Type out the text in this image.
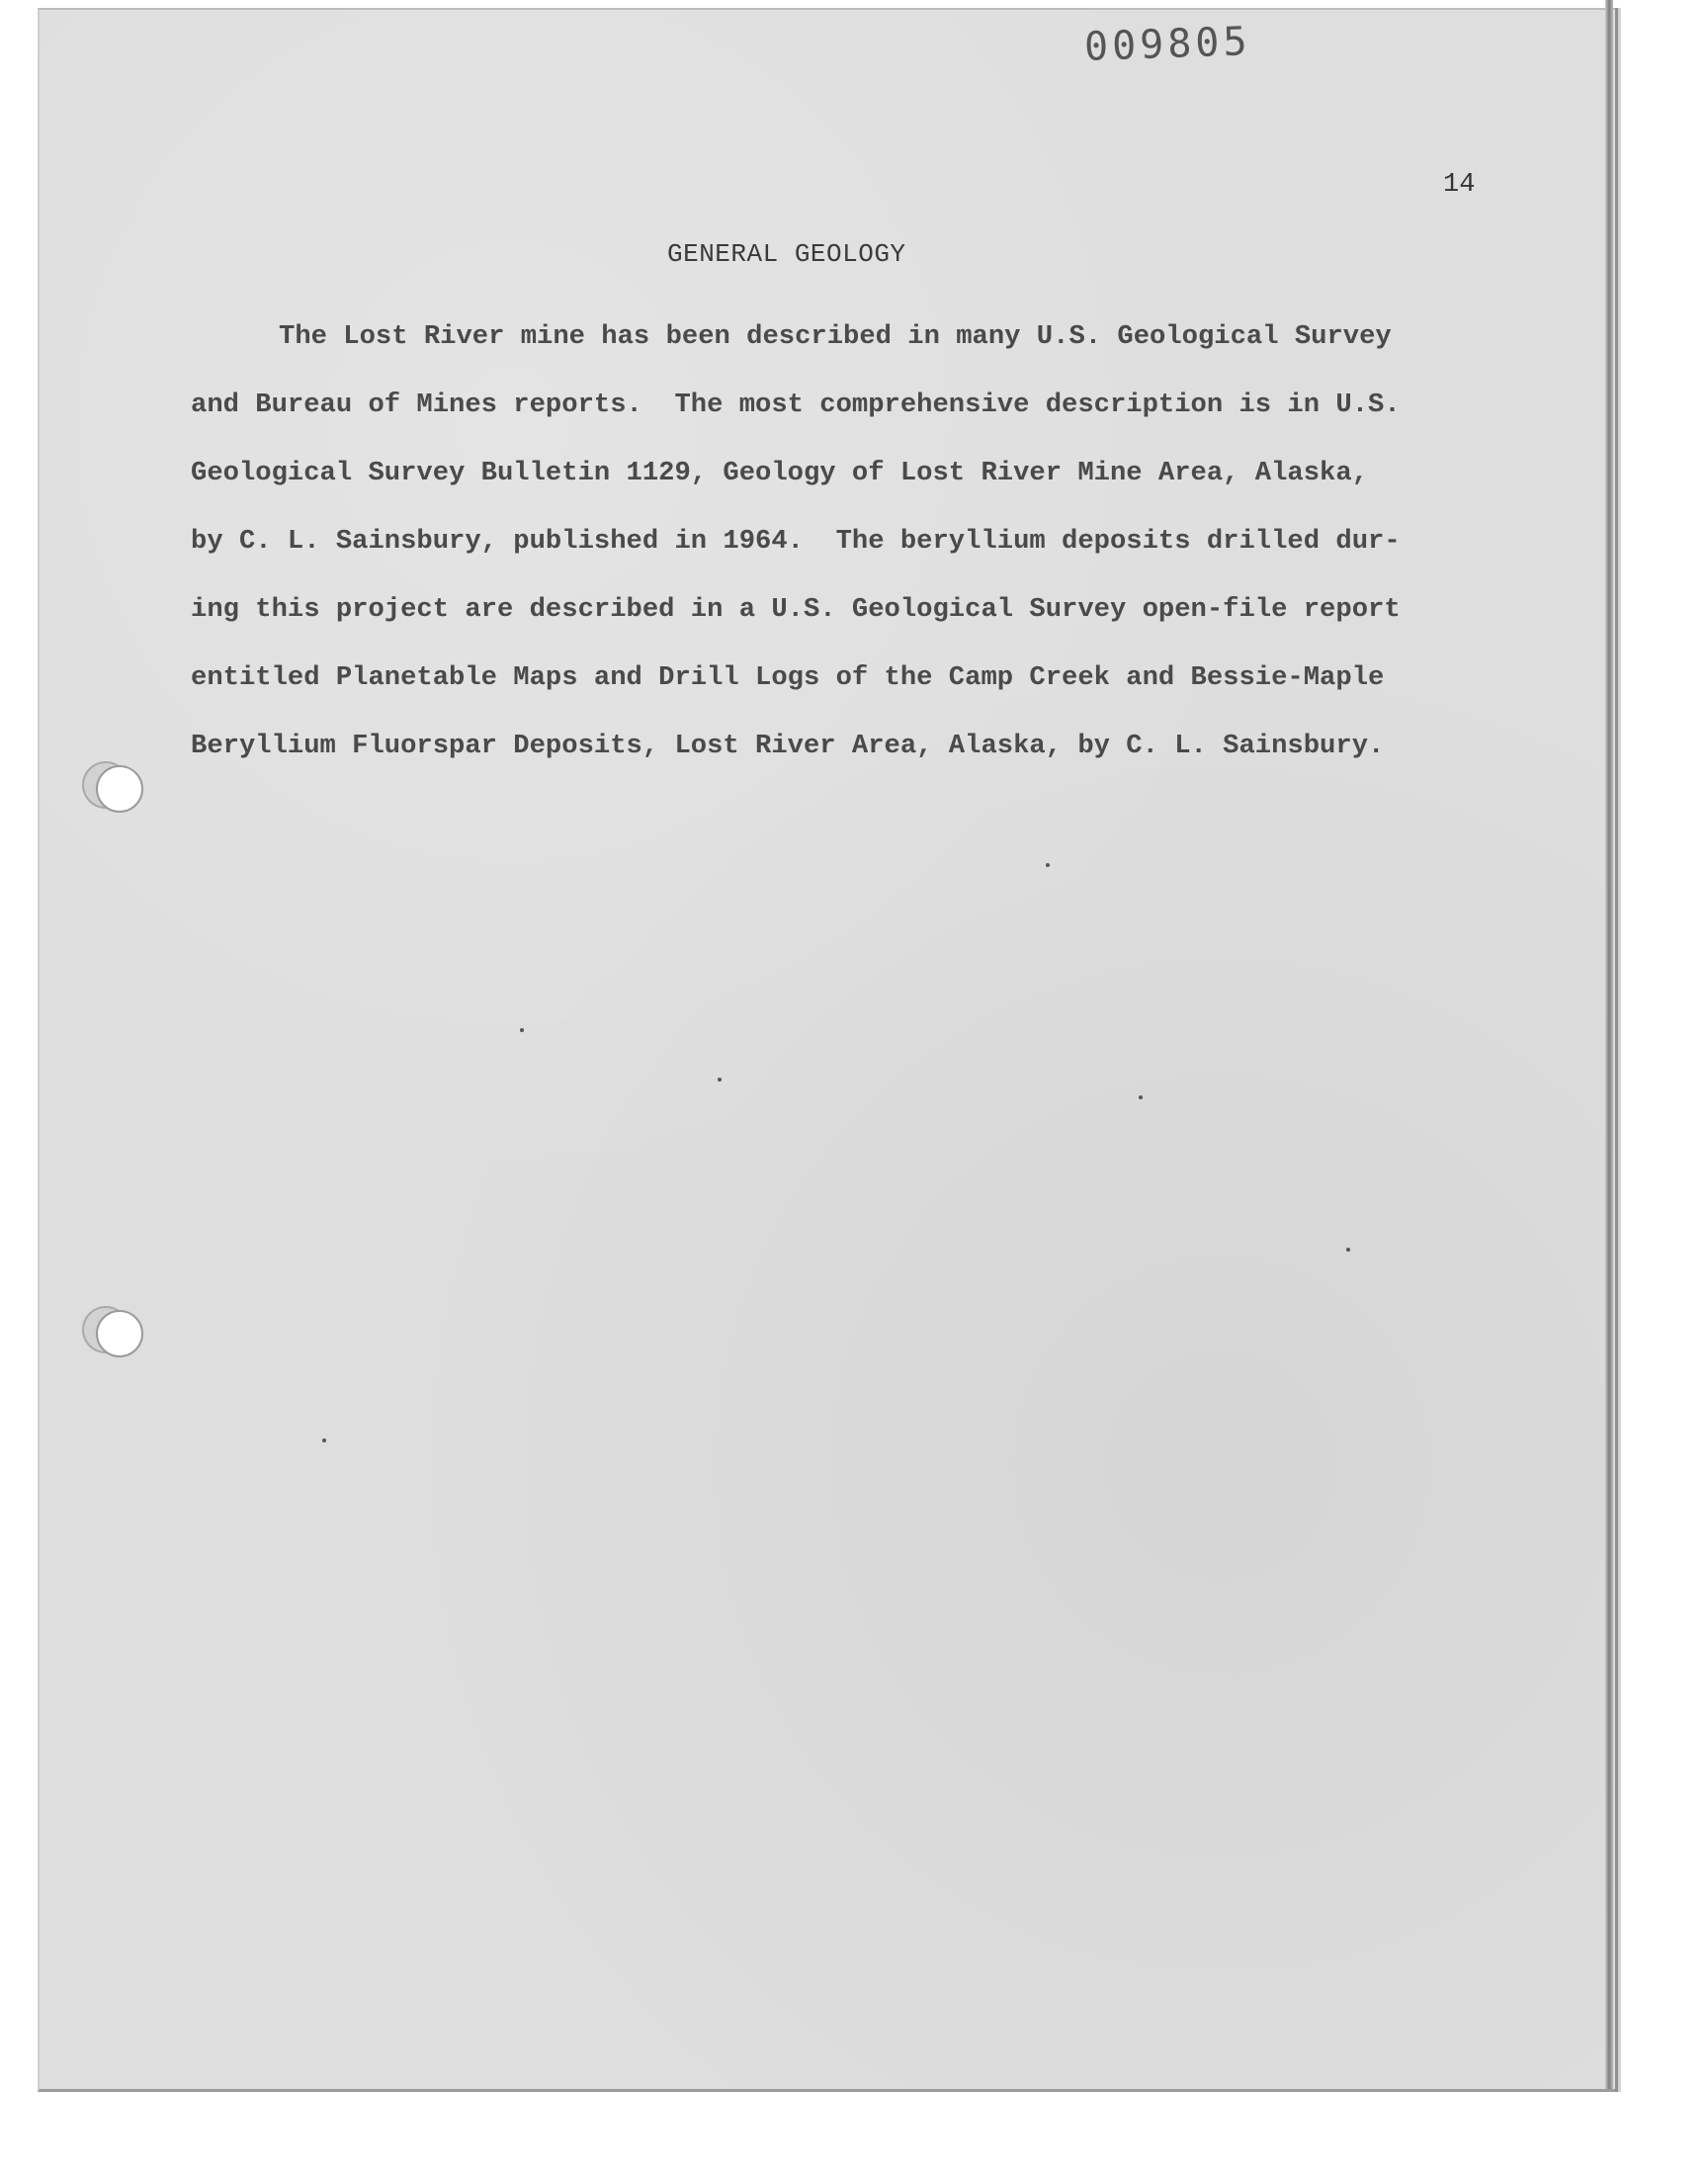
009805
14
GENERAL GEOLOGY
The Lost River mine has been described in many U.S. Geological Survey
and Bureau of Mines reports.  The most comprehensive description is in U.S.
Geological Survey Bulletin 1129, Geology of Lost River Mine Area, Alaska,
by C. L. Sainsbury, published in 1964.  The beryllium deposits drilled dur-
ing this project are described in a U.S. Geological Survey open-file report
entitled Planetable Maps and Drill Logs of the Camp Creek and Bessie-Maple
Beryllium Fluorspar Deposits, Lost River Area, Alaska, by C. L. Sainsbury.
